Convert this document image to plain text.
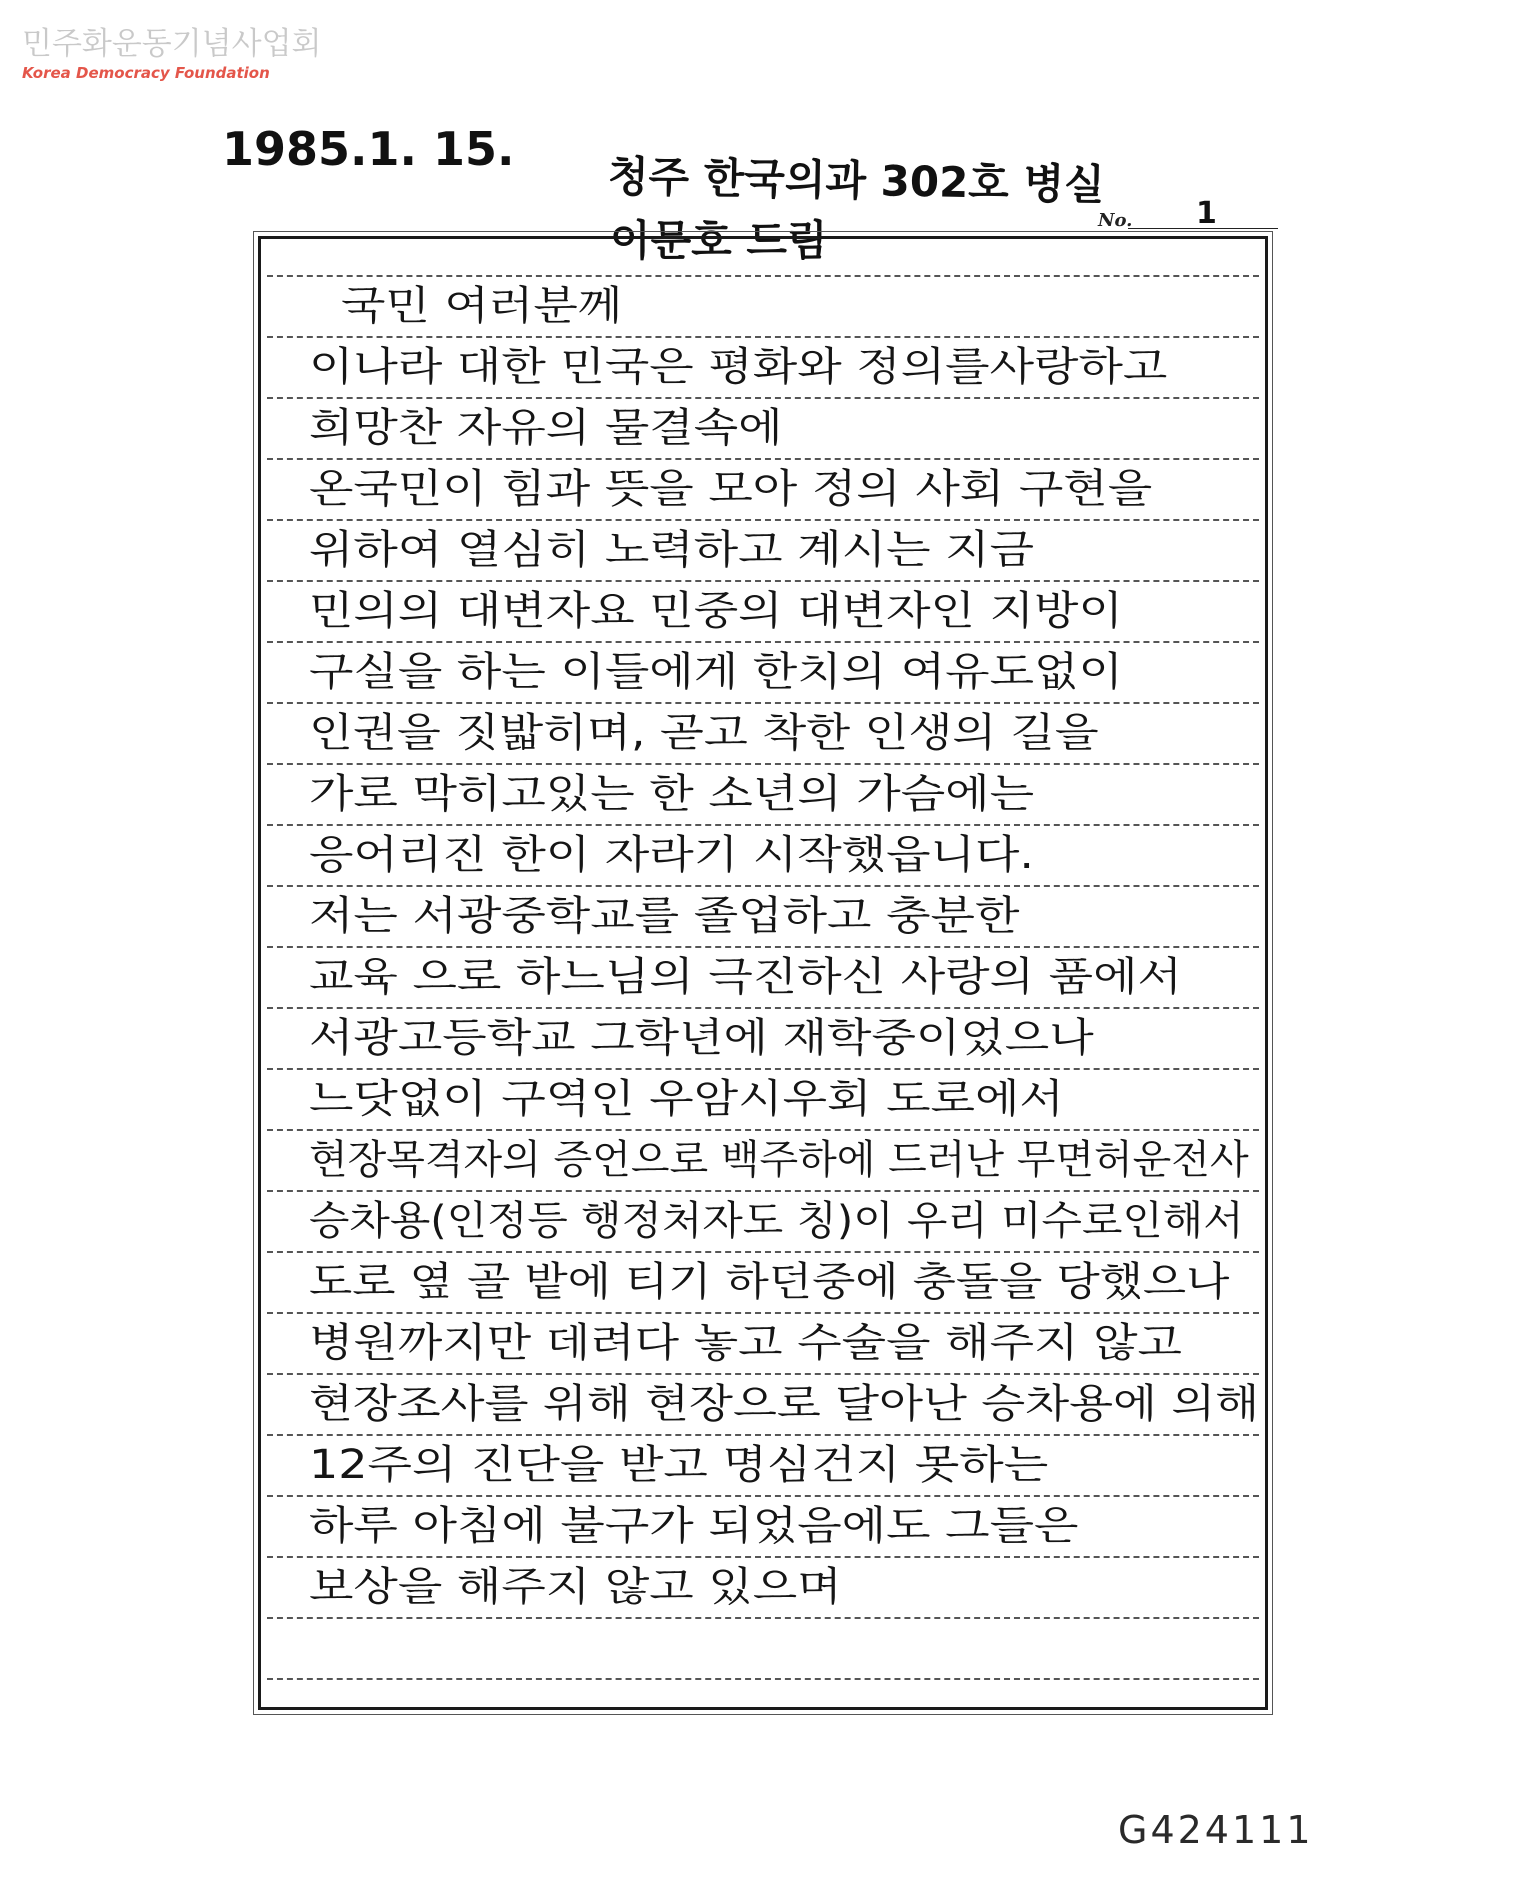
민주화운동기념사업회
Korea Democracy Foundation
1985.1. 15.
청주 한국의과 302호 병실
이문호 드림	No. 1
국민 여러분께
이나라 대한 민국은 평화와 정의를사랑하고
희망찬 자유의 물결속에
온국민이 힘과 뜻을 모아 정의 사회 구현을
위하여 열심히 노력하고 계시는 지금
민의의 대변자요 민중의 대변자인 지방이
구실을 하는 이들에게 한치의 여유도없이
인권을 짓밟히며, 곧고 착한 인생의 길을
가로 막히고있는 한 소년의 가슴에는
응어리진 한이 자라기 시작했읍니다.
저는 서광중학교를 졸업하고 충분한
교육 으로 하느님의 극진하신 사랑의 품에서
서광고등학교 그학년에 재학중이었으나
느닷없이 구역인 우암시우회 도로에서
현장목격자의 증언으로 백주하에 드러난 무면허운전사
승차용(인정등 행정처자도 칭)이 우리 미수로인해서
도로 옆 골 밭에 티기 하던중에 충돌을 당했으나
병원까지만 데려다 놓고 수술을 해주지 않고
현장조사를 위해 현장으로 달아난 승차용에 의해
12주의 진단을 받고 명심건지 못하는
하루 아침에 불구가 되었음에도 그들은
보상을 해주지 않고 있으며
G424111
